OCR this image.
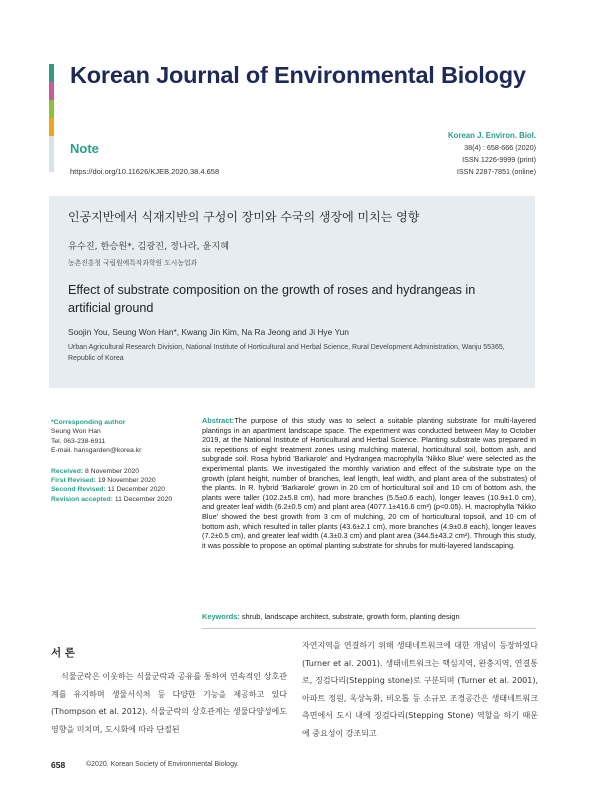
Korean Journal of Environmental Biology
Note
https://doi.org/10.11626/KJEB.2020.38.4.658
Korean J. Environ. Biol.
38(4) : 658-666 (2020)
ISSN 1226-9999 (print)
ISSN 2287-7851 (online)
인공지반에서 식재지반의 구성이 장미와 수국의 생장에 미치는 영향
유수진, 한승원*, 김광진, 정나라, 윤지혜
농촌진흥청 국립원예특작과학원 도시농업과
Effect of substrate composition on the growth of roses and hydrangeas in artificial ground
Soojin You, Seung Won Han*, Kwang Jin Kim, Na Ra Jeong and Ji Hye Yun
Urban Agricultural Research Division, National Institute of Horticultural and Herbal Science, Rural Development Administration, Wanju 55365, Republic of Korea
*Corresponding author
Seung Won Han
Tel. 063-238-6911
E-mail. hansgarden@korea.kr
Received: 8 November 2020
First Revised: 19 November 2020
Second Revised: 11 December 2020
Revision accepted: 11 December 2020
Abstract:The purpose of this study was to select a suitable planting substrate for multi-layered plantings in an apartment landscape space. The experiment was conducted between May to October 2019, at the National Institute of Horticultural and Herbal Science. Planting substrate was prepared in six repetitions of eight treatment zones using mulching material, horticultural soil, bottom ash, and subgrade soil. Rosa hybrid 'Barkarole' and Hydrangea macrophylla 'Nikko Blue' were selected as the experimental plants. We investigated the monthly variation and effect of the substrate type on the growth (plant height, number of branches, leaf length, leaf width, and plant area of the substrates) of the plants. In R. hybrid 'Barkarole' grown in 20 cm of horticultural soil and 10 cm of bottom ash, the plants were taller (102.2±5.8 cm), had more branches (5.5±0.6 each), longer leaves (10.9±1.0 cm), and greater leaf width (6.2±0.5 cm) and plant area (4077.1±416.6 cm²) (p<0.05). H. macrophylla 'Nikko Blue' showed the best growth from 3 cm of mulching, 20 cm of horticultural topsoil, and 10 cm of bottom ash, which resulted in taller plants (43.6±2.1 cm), more branches (4.9±0.8 each), longer leaves (7.2±0.5 cm), and greater leaf width (4.3±0.3 cm) and plant area (344.5±43.2 cm²). Through this study, it was possible to propose an optimal planting substrate for shrubs for multi-layered landscaping.
Keywords: shrub, landscape architect, substrate, growth form, planting design
서 론

식물군락은 이웃하는 식물군락과 공유를 통하여 연속적인 상호관계를 유지하며 생물서식처 등 다양한 기능을 제공하고 있다 (Thompson et al. 2012). 식물군락의 상호관계는 생물다양성에도 영향을 미치며, 도시화에 따라 단절된

자연지역을 연결하기 위해 생태네트워크에 대한 개념이 등장하였다 (Turner et al. 2001). 생태네트워크는 핵심지역, 완충지역, 연결통로, 징검다리(Stepping stone)로 구분되며 (Turner et al. 2001), 아파트 정원, 옥상녹화, 비오톱 등 소규모 조경공간은 생태네트워크 측면에서 도시 내에 징검다리(Stepping Stone) 역할을 하기 때문에 중요성이 강조되고

658	©2020. Korean Society of Environmental Biology.
